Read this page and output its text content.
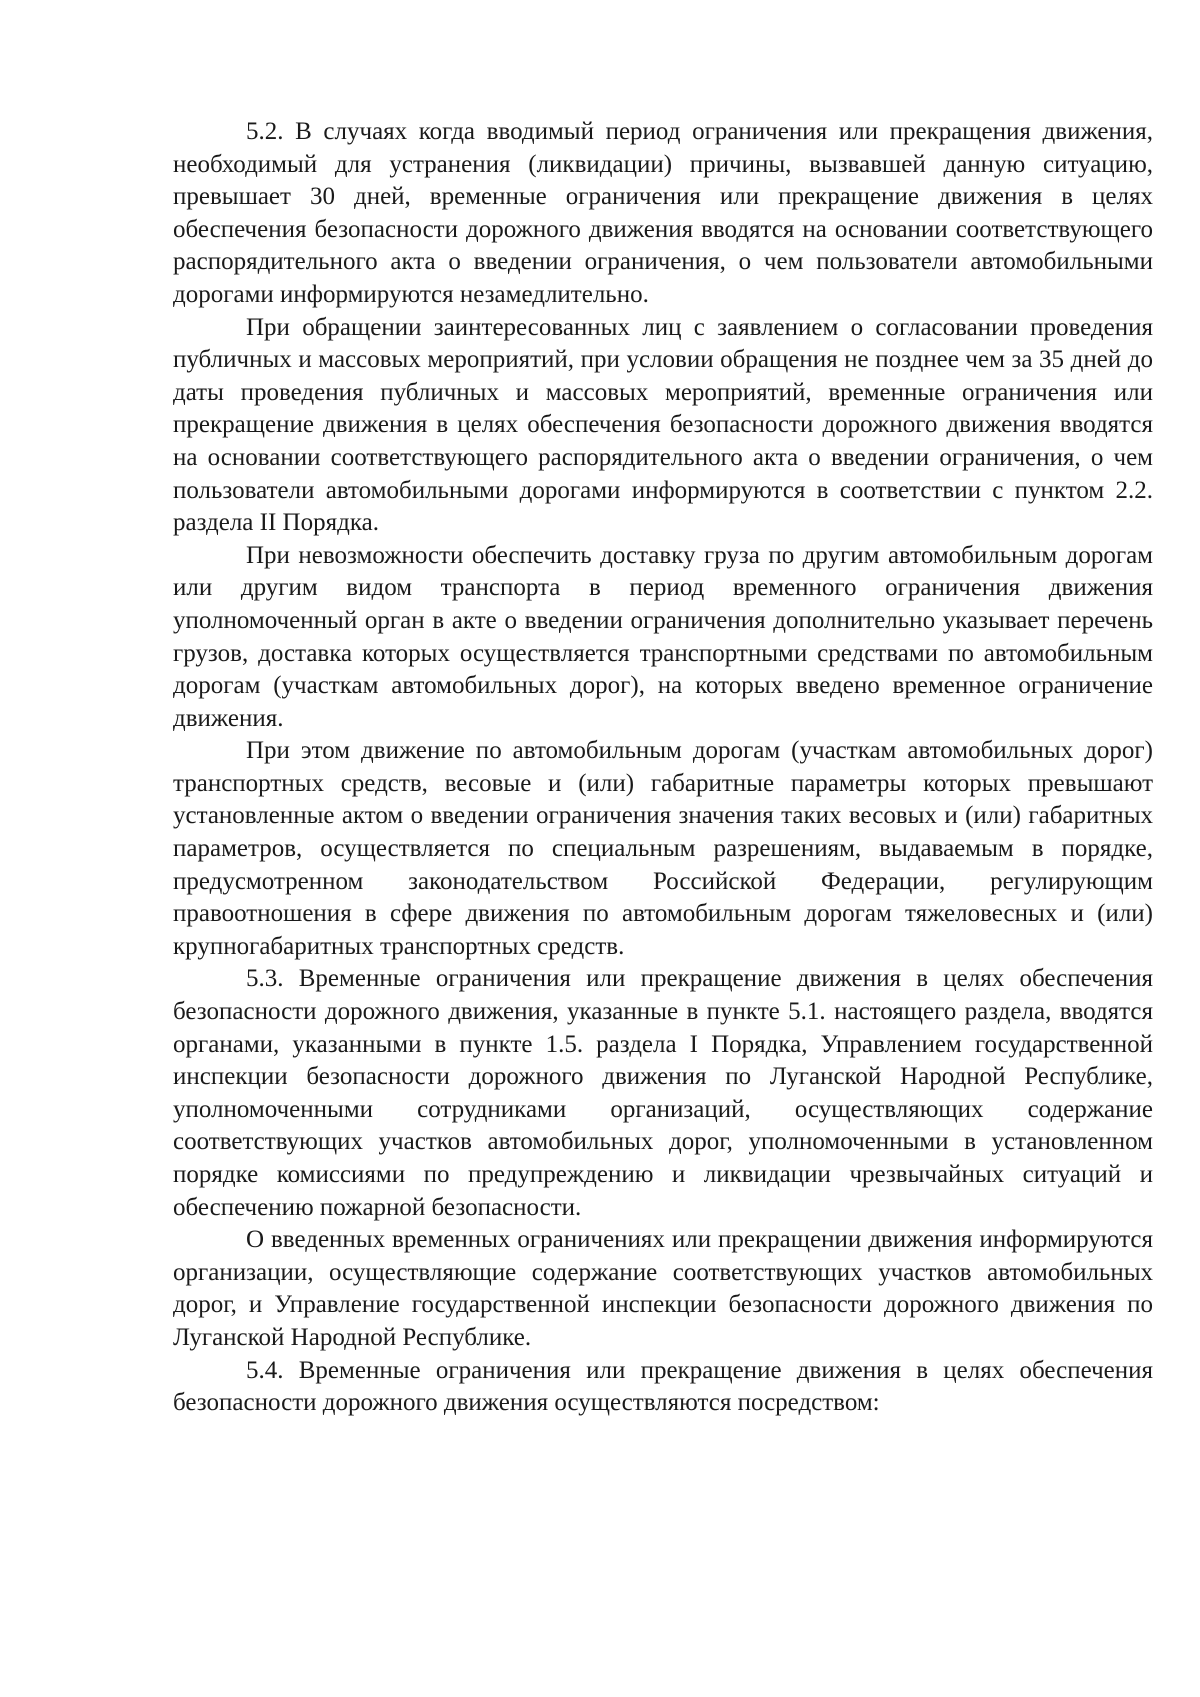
5.2. В случаях когда вводимый период ограничения или прекращения движения, необходимый для устранения (ликвидации) причины, вызвавшей данную ситуацию, превышает 30 дней, временные ограничения или прекращение движения в целях обеспечения безопасности дорожного движения вводятся на основании соответствующего распорядительного акта о введении ограничения, о чем пользователи автомобильными дорогами информируются незамедлительно.

При обращении заинтересованных лиц с заявлением о согласовании проведения публичных и массовых мероприятий, при условии обращения не позднее чем за 35 дней до даты проведения публичных и массовых мероприятий, временные ограничения или прекращение движения в целях обеспечения безопасности дорожного движения вводятся на основании соответствующего распорядительного акта о введении ограничения, о чем пользователи автомобильными дорогами информируются в соответствии с пунктом 2.2. раздела II Порядка.

При невозможности обеспечить доставку груза по другим автомобильным дорогам или другим видом транспорта в период временного ограничения движения уполномоченный орган в акте о введении ограничения дополнительно указывает перечень грузов, доставка которых осуществляется транспортными средствами по автомобильным дорогам (участкам автомобильных дорог), на которых введено временное ограничение движения.

При этом движение по автомобильным дорогам (участкам автомобильных дорог) транспортных средств, весовые и (или) габаритные параметры которых превышают установленные актом о введении ограничения значения таких весовых и (или) габаритных параметров, осуществляется по специальным разрешениям, выдаваемым в порядке, предусмотренном законодательством Российской Федерации, регулирующим правоотношения в сфере движения по автомобильным дорогам тяжеловесных и (или) крупногабаритных транспортных средств.

5.3. Временные ограничения или прекращение движения в целях обеспечения безопасности дорожного движения, указанные в пункте 5.1. настоящего раздела, вводятся органами, указанными в пункте 1.5. раздела I Порядка, Управлением государственной инспекции безопасности дорожного движения по Луганской Народной Республике, уполномоченными сотрудниками организаций, осуществляющих содержание соответствующих участков автомобильных дорог, уполномоченными в установленном порядке комиссиями по предупреждению и ликвидации чрезвычайных ситуаций и обеспечению пожарной безопасности.

О введенных временных ограничениях или прекращении движения информируются организации, осуществляющие содержание соответствующих участков автомобильных дорог, и Управление государственной инспекции безопасности дорожного движения по Луганской Народной Республике.

5.4. Временные ограничения или прекращение движения в целях обеспечения безопасности дорожного движения осуществляются посредством:
